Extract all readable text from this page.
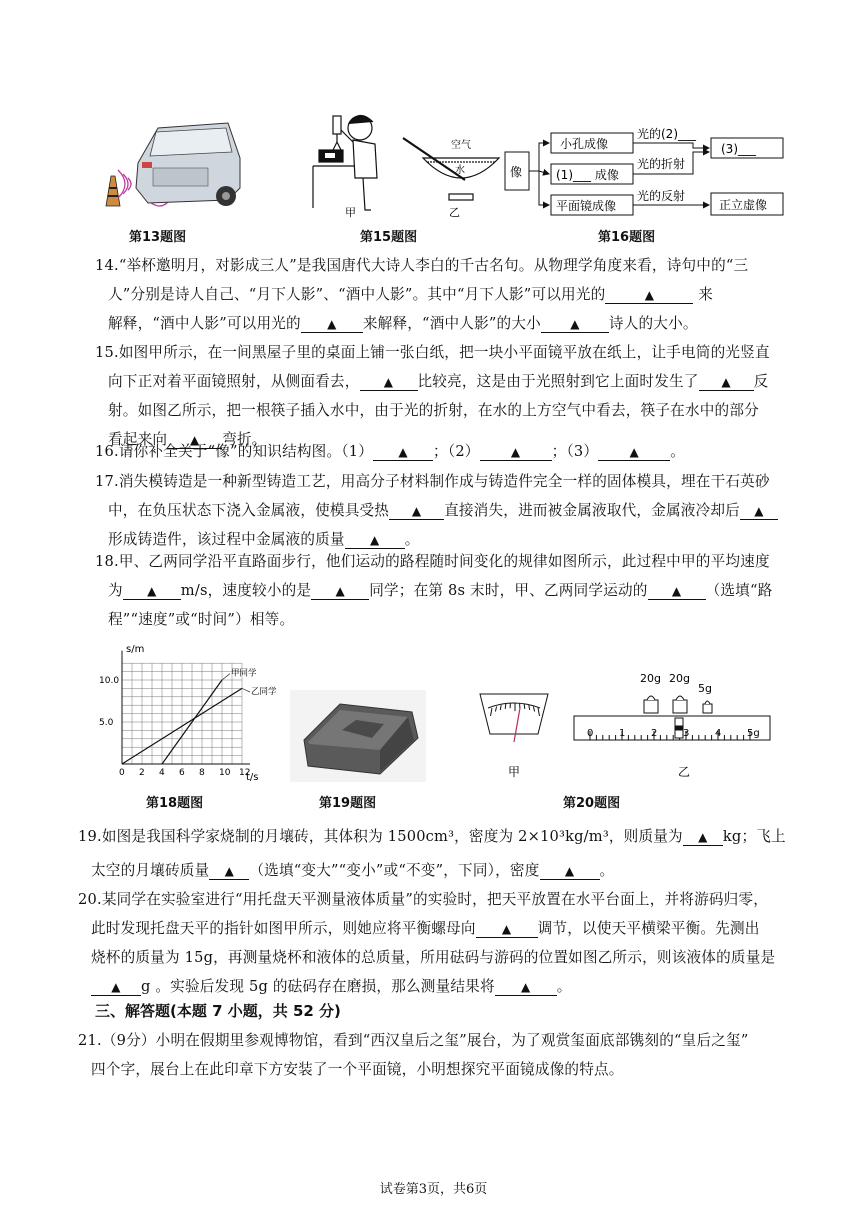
第13题图
空气
水
甲	乙
第15题图
像
小孔成像
(1)___ 成像
平面镜成像
(3)___
正立虚像
光的(2)___
光的折射
光的反射
第16题图
14.“举杯邀明月，对影成三人”是我国唐代大诗人李白的千古名句。从物理学角度来看，诗句中的“三
人”分别是诗人自己、“月下人影”、“酒中人影”。其中“月下人影”可以用光的 ▲	来
解释，“酒中人影”可以用光的 ▲	来解释，“酒中人影”的大小 ▲	诗人的大小。
15.如图甲所示，在一间黑屋子里的桌面上铺一张白纸，把一块小平面镜平放在纸上，让手电筒的光竖直
向下正对着平面镜照射，从侧面看去， ▲	比较亮，这是由于光照射到它上面时发生了 ▲	反
射。如图乙所示，把一根筷子插入水中，由于光的折射，在水的上方空气中看去，筷子在水中的部分
看起来向 ▲	弯折。
16.请你补全关于“像”的知识结构图。（1） ▲	；（2） ▲	；（3） ▲	。
17.消失模铸造是一种新型铸造工艺，用高分子材料制作成与铸造件完全一样的固体模具，埋在干石英砂
中，在负压状态下浇入金属液，使模具受热 ▲	直接消失，进而被金属液取代，金属液冷却后▲
形成铸造件，该过程中金属液的质量 ▲	。
18.甲、乙两同学沿平直路面步行，他们运动的路程随时间变化的规律如图所示，此过程中甲的平均速度
为 ▲	m/s，速度较小的是 ▲	同学；在第 8s 末时，甲、乙两同学运动的 ▲	（选填“路
程”“速度”或“时间”）相等。
s/m
t/s
0 2 4 6 8 10 12
5.0
10.0
甲同学
乙同学
第18题图	第19题图
甲
20g 20g
5g
0	1	2	3	4	5g
乙
第20题图
19.如图是我国科学家烧制的月壤砖，其体积为 1500cm³，密度为 2×10³kg/m³，则质量为 ▲	kg；飞上
太空的月壤砖质量 ▲	（选填“变大”“变小”或“不变”，下同），密度 ▲	。
20.某同学在实验室进行“用托盘天平测量液体质量”的实验时，把天平放置在水平台面上，并将游码归零，
此时发现托盘天平的指针如图甲所示，则她应将平衡螺母向 ▲	调节，以使天平横梁平衡。先测出
烧杯的质量为 15g，再测量烧杯和液体的总质量，所用砝码与游码的位置如图乙所示，则该液体的质量是
▲g 。实验后发现 5g 的砝码存在磨损，那么测量结果将 ▲	。
三、解答题(本题 7 小题，共 52 分)
21.（9分）小明在假期里参观博物馆，看到“西汉皇后之玺”展台，为了观赏玺面底部镌刻的“皇后之玺”
四个字，展台上在此印章下方安装了一个平面镜，小明想探究平面镜成像的特点。
试卷第3页，共6页
